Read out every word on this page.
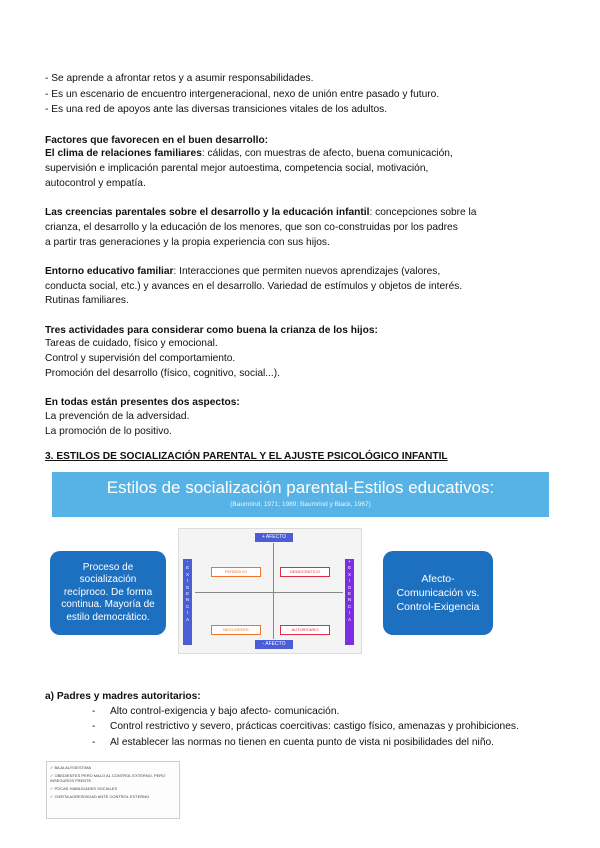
- Se aprende a afrontar retos y a asumir responsabilidades.
- Es un escenario de encuentro intergeneracional, nexo de unión entre pasado y futuro.
- Es una red de apoyos ante las diversas transiciones vitales de los adultos.
Factores que favorecen en el buen desarrollo:
El clima de relaciones familiares: cálidas, con muestras de afecto, buena comunicación,
supervisión e implicación parental mejor autoestima, competencia social, motivación,
autocontrol y empatía.
Las creencias parentales sobre el desarrollo y la educación infantil: concepciones sobre la
crianza, el desarrollo y la educación de los menores, que son co-construidas por los padres
a partir tras generaciones y la propia experiencia con sus hijos.
Entorno educativo familiar: Interacciones que permiten nuevos aprendizajes (valores,
conducta social, etc.) y avances en el desarrollo. Variedad de estímulos y objetos de interés.
Rutinas familiares.
Tres actividades para considerar como buena la crianza de los hijos:
Tareas de cuidado, físico y emocional.
Control y supervisión del comportamiento.
Promoción del desarrollo (físico, cognitivo, social...).
En todas están presentes dos aspectos:
La prevención de la adversidad.
La promoción de lo positivo.
3. ESTILOS DE SOCIALIZACIÓN PARENTAL Y EL AJUSTE PSICOLÓGICO INFANTIL
Estilos de socialización parental-Estilos educativos:
(Baumrind, 1971; 1989; Baumrind y Black, 1967)
Proceso de socialización recíproco. De forma continua. Mayoría de estilo democrático.
+ AFECTO
- AFECTO
-
E
X
I
G
E
N
C
I
A
+
E
X
I
G
E
N
C
I
A
PERMISIVO	DEMOCRÁTICO
NEGLIGENTE	AUTORITARIO
Afecto-Comunicación vs. Control-Exigencia
a) Padres y madres autoritarios:
- Alto control-exigencia y bajo afecto- comunicación.
- Control restrictivo y severo, prácticas coercitivas: castigo físico, amenazas y prohibiciones.
- Al establecer las normas no tienen en cuenta punto de vista ni posibilidades del niño.
✓ BAJA AUTOESTIMA
✓ OBEDIENTES PERO MALO AL CONTROL EXTERNO, PERO INSEGUROS FRENTE
✓ POCAS HABILIDADES SOCIALES
✓ CIERTA AGRESIVIDAD ANTE CONTROL EXTERNO
